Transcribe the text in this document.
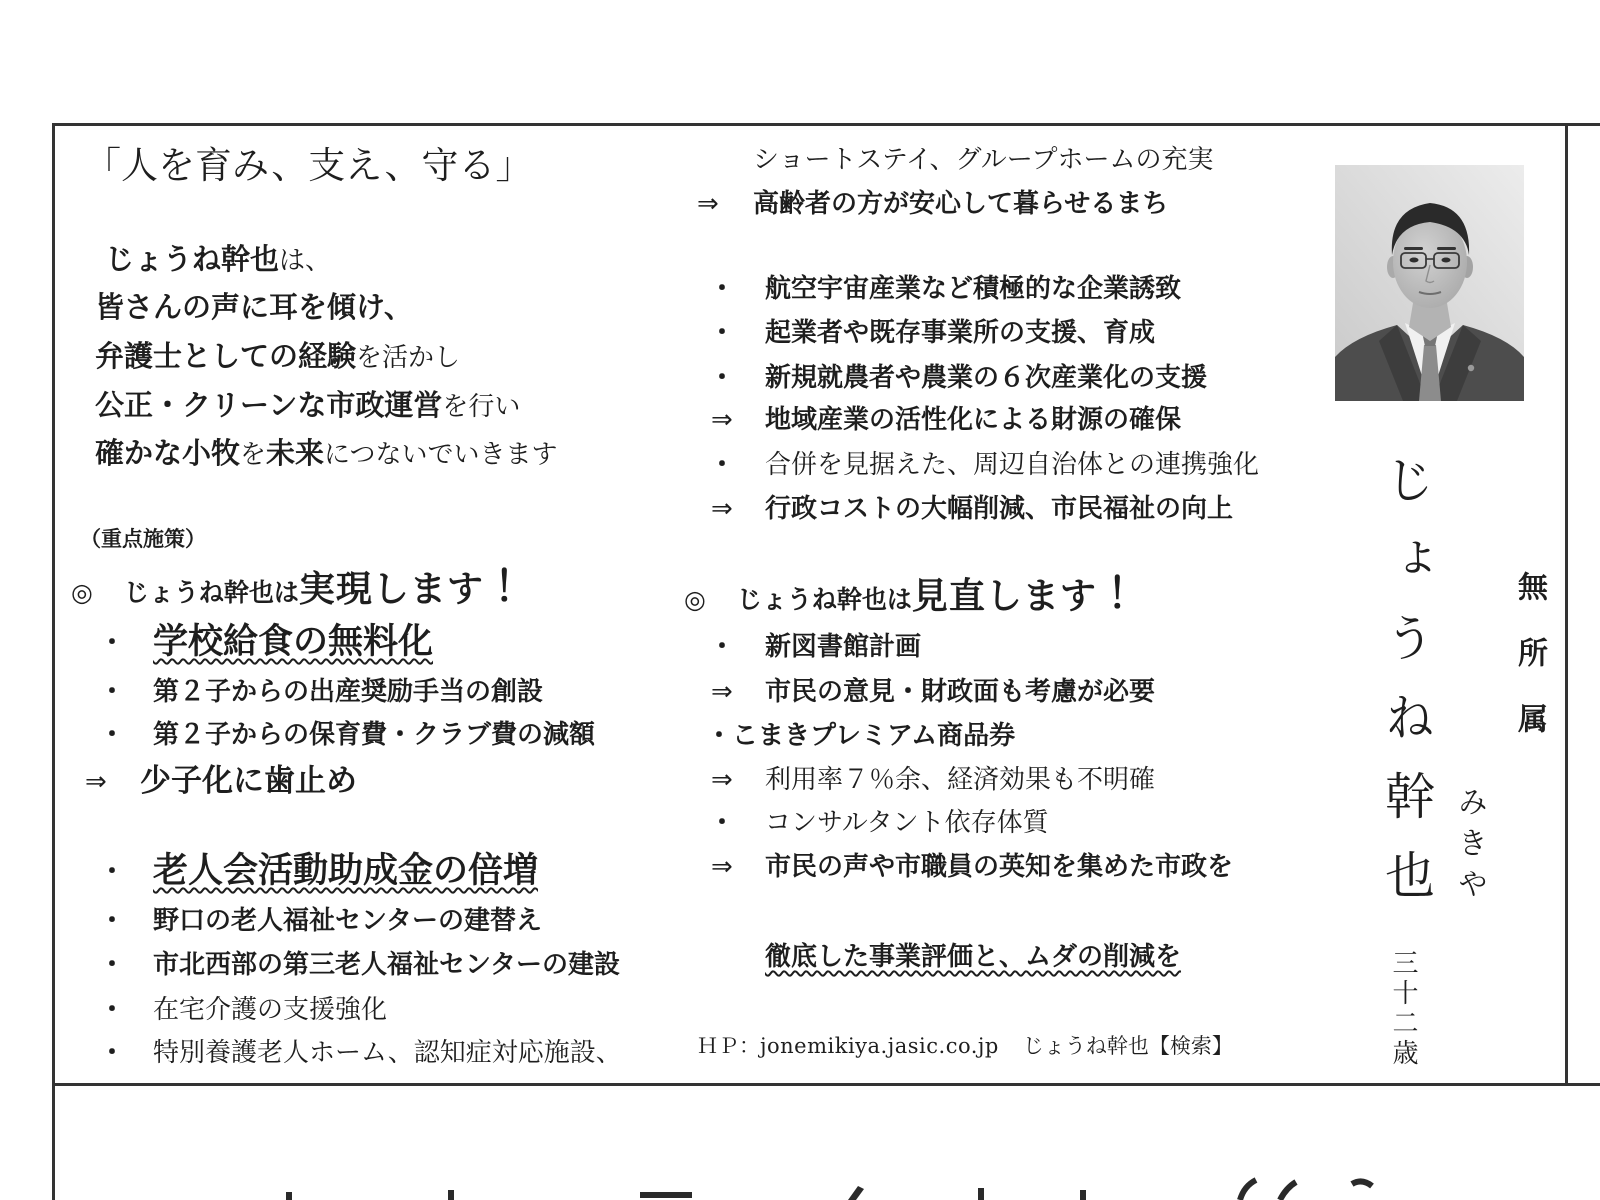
「人を育み、支え、守る」
じょうね幹也 は、
皆さんの声に耳を傾け、
弁護士としての経験 を活かし
公正・クリーンな市政運営 を行い
確かな小牧 を 未来 につないでいきます
（重点施策）
◎ じょうね幹也は 実現します ！
・ 学校給食の無料化
・	第２子からの出産奨励手当の創設
・	第２子からの保育費・クラブ費の減額
⇒	少子化に歯止め
・ 老人会活動助成金の倍増
・	野口の老人福祉センターの建替え
・	市北西部の第三老人福祉センターの建設
・	在宅介護の支援強化
・	特別養護老人ホーム、認知症対応施設、
ショートステイ、グループホームの充実
⇒	高齢者の方が安心して暮らせるまち
・	航空宇宙産業など積極的な企業誘致
・	起業者や既存事業所の支援、育成
・	新規就農者や農業の６次産業化の支援
⇒	地域産業の活性化による財源の確保
・	合併を見据えた、周辺自治体との連携強化
⇒	行政コストの大幅削減、市民福祉の向上
◎ じょうね幹也は 見直します ！
・	新図書館計画
⇒	市民の意見・財政面も考慮が必要
・こまきプレミアム商品券
⇒	利用率７％余、経済効果も不明確
・	コンサルタント依存体質
⇒	市民の声や市職員の英知を集めた市政を
徹底した事業評価と、ムダの削減を
ＨＰ： jonemikiya.jasic.co.jp じょうね幹也【検索】
じょうね幹也 みきや
無所属
三十二歳
